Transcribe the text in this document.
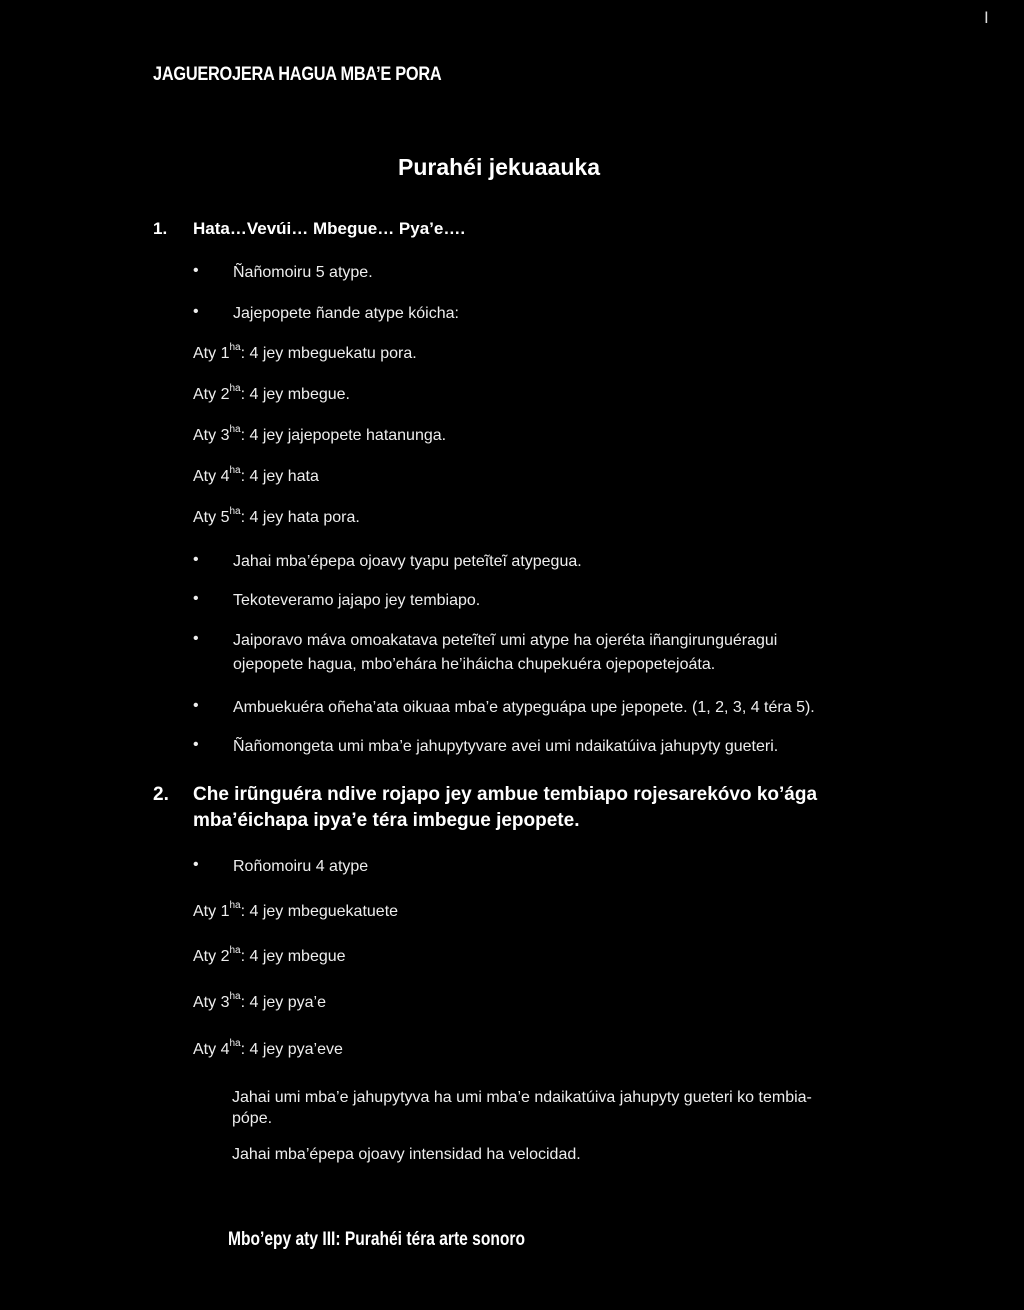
I
JAGUEROJERA HAGUA MBA’E PORA
Purahéi jekuaauka
1. Hata…Vevúi… Mbegue… Pya’e….
• Ñañomoiru 5 atype.
• Jajepopete ñande atype kóicha:
Aty $1^{ha}$: 4 jey mbeguekatu pora.
Aty $2^{ha}$: 4 jey mbegue.
Aty $3^{ha}$: 4 jey jajepopete hatanunga.
Aty $4^{ha}$: 4 jey hata
Aty $5^{ha}$: 4 jey hata pora.
• Jahai mba’épepa ojoavy tyapu peteĩteĩ atypegua.
• Tekoteveramo jajapo jey tembiapo.
• Jaiporavo máva omoakatava peteĩteĩ umi atype ha ojeréta iñangirunguéragui
ojepopete hagua, mbo’ehára he’iháicha chupekuéra ojepopetejoáta.
• Ambuekuéra oñeha’ata oikuaa mba’e atypeguápa upe jepopete. (1, 2, 3, 4 téra 5).
• Ñañomongeta umi mba’e jahupytyvare avei umi ndaikatúiva jahupyty gueteri.
2. Che irũnguéra ndive rojapo jey ambue tembiapo rojesarekóvo ko’ága
mba’éichapa ipya’e téra imbegue jepopete.
• Roñomoiru 4 atype
Aty $1^{ha}$: 4 jey mbeguekatuete
Aty $2^{ha}$: 4 jey mbegue
Aty $3^{ha}$: 4 jey pya’e
Aty $4^{ha}$: 4 jey pya’eve
Jahai umi mba’e jahupytyva ha umi mba’e ndaikatúiva jahupyty gueteri ko tembia-
pópe.
Jahai mba’épepa ojoavy intensidad ha velocidad.
Mbo’epy aty III: Purahéi téra arte sonoro
